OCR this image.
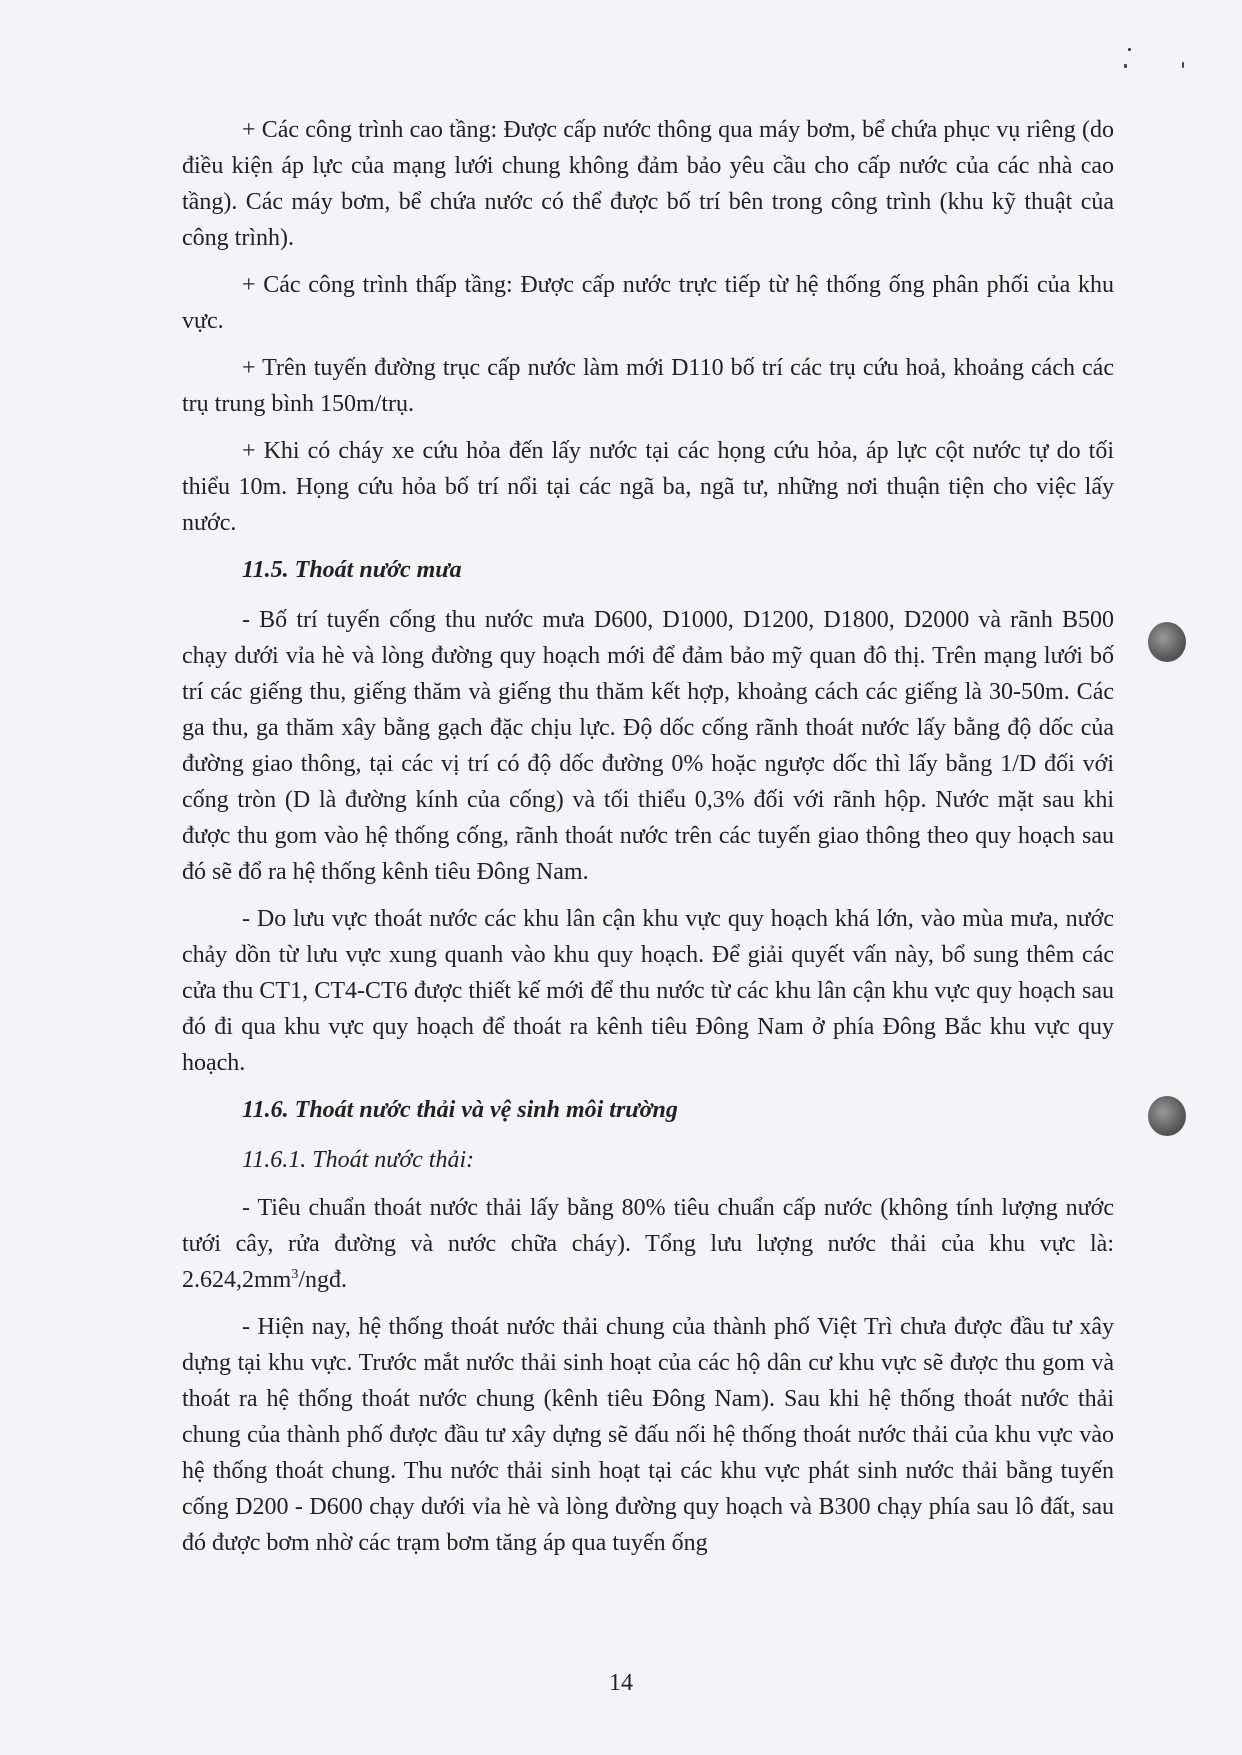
+ Các công trình cao tầng: Được cấp nước thông qua máy bơm, bể chứa phục vụ riêng (do điều kiện áp lực của mạng lưới chung không đảm bảo yêu cầu cho cấp nước của các nhà cao tầng). Các máy bơm, bể chứa nước có thể được bố trí bên trong công trình (khu kỹ thuật của công trình).

+ Các công trình thấp tầng: Được cấp nước trực tiếp từ hệ thống ống phân phối của khu vực.

+ Trên tuyến đường trục cấp nước làm mới D110 bố trí các trụ cứu hoả, khoảng cách các trụ trung bình 150m/trụ.

+ Khi có cháy xe cứu hỏa đến lấy nước tại các họng cứu hỏa, áp lực cột nước tự do tối thiểu 10m. Họng cứu hỏa bố trí nổi tại các ngã ba, ngã tư, những nơi thuận tiện cho việc lấy nước.

11.5. Thoát nước mưa

- Bố trí tuyến cống thu nước mưa D600, D1000, D1200, D1800, D2000 và rãnh B500 chạy dưới vỉa hè và lòng đường quy hoạch mới để đảm bảo mỹ quan đô thị. Trên mạng lưới bố trí các giếng thu, giếng thăm và giếng thu thăm kết hợp, khoảng cách các giếng là 30-50m. Các ga thu, ga thăm xây bằng gạch đặc chịu lực. Độ dốc cống rãnh thoát nước lấy bằng độ dốc của đường giao thông, tại các vị trí có độ dốc đường 0% hoặc ngược dốc thì lấy bằng 1/D đối với cống tròn (D là đường kính của cống) và tối thiểu 0,3% đối với rãnh hộp. Nước mặt sau khi được thu gom vào hệ thống cống, rãnh thoát nước trên các tuyến giao thông theo quy hoạch sau đó sẽ đổ ra hệ thống kênh tiêu Đông Nam.

- Do lưu vực thoát nước các khu lân cận khu vực quy hoạch khá lớn, vào mùa mưa, nước chảy dồn từ lưu vực xung quanh vào khu quy hoạch. Để giải quyết vấn này, bổ sung thêm các cửa thu CT1, CT4-CT6 được thiết kế mới để thu nước từ các khu lân cận khu vực quy hoạch sau đó đi qua khu vực quy hoạch để thoát ra kênh tiêu Đông Nam ở phía Đông Bắc khu vực quy hoạch.

11.6. Thoát nước thải và vệ sinh môi trường
11.6.1. Thoát nước thải:

- Tiêu chuẩn thoát nước thải lấy bằng 80% tiêu chuẩn cấp nước (không tính lượng nước tưới cây, rửa đường và nước chữa cháy). Tổng lưu lượng nước thải của khu vực là: $2.624,2mm^3$/ngđ.

- Hiện nay, hệ thống thoát nước thải chung của thành phố Việt Trì chưa được đầu tư xây dựng tại khu vực. Trước mắt nước thải sinh hoạt của các hộ dân cư khu vực sẽ được thu gom và thoát ra hệ thống thoát nước chung (kênh tiêu Đông Nam). Sau khi hệ thống thoát nước thải chung của thành phố được đầu tư xây dựng sẽ đấu nối hệ thống thoát nước thải của khu vực vào hệ thống thoát chung. Thu nước thải sinh hoạt tại các khu vực phát sinh nước thải bằng tuyến cống D200 - D600 chạy dưới vỉa hè và lòng đường quy hoạch và B300 chạy phía sau lô đất, sau đó được bơm nhờ các trạm bơm tăng áp qua tuyến ống

14
